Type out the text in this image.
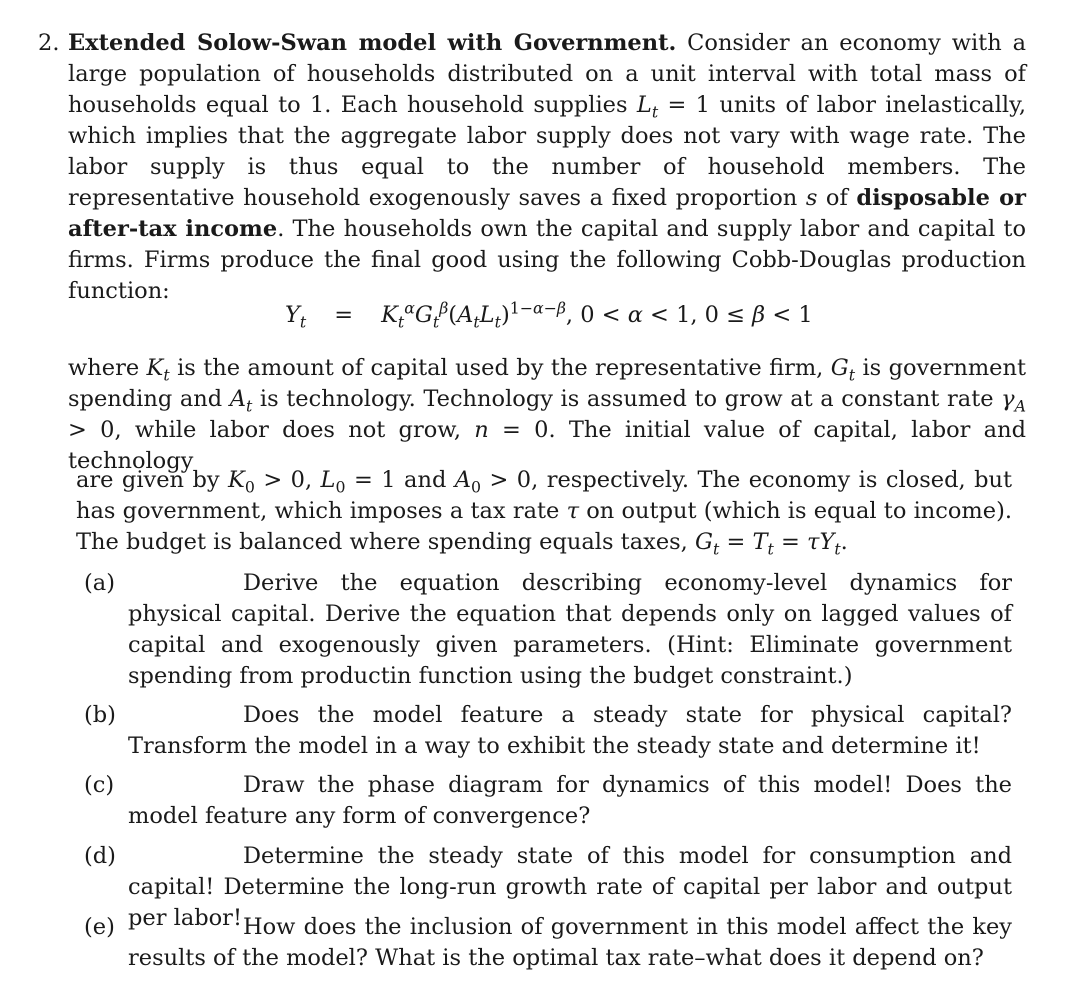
2. Extended Solow-Swan model with Government. Consider an economy with a large population of households distributed on a unit interval with total mass of households equal to 1. Each household supplies $L_t = 1$ units of labor inelastically, which implies that the aggregate labor supply does not vary with wage rate. The labor supply is thus equal to the number of household members. The representative household exogenously saves a fixed proportion s of disposable or after-tax income. The households own the capital and supply labor and capital to firms. Firms produce the final good using the following Cobb-Douglas production function:
$Y_t = K_t^\alpha G_t^\beta(A_tL_t)^{1-\alpha-\beta}$, 0 < α < 1, 0 ≤ β < 1
where $K_t$ is the amount of capital used by the representative firm, $G_t$ is government spending and $A_t$ is technology. Technology is assumed to grow at a constant rate $\gamma_A > 0$, while labor does not grow, n = 0. The initial value of capital, labor and technology
are given by $K_0 > 0$, $L_0 = 1$ and $A_0 > 0$, respectively. The economy is closed, but has government, which imposes a tax rate τ on output (which is equal to income). The budget is balanced where spending equals taxes, $G_t = T_t = \tau Y_t$.
(a)	Derive the equation describing economy-level dynamics for physical capital. Derive the equation that depends only on lagged values of capital and exogenously given parameters. (Hint: Eliminate government spending from productin function using the budget constraint.)
(b)	Does the model feature a steady state for physical capital? Transform the model in a way to exhibit the steady state and determine it!
(c)	Draw the phase diagram for dynamics of this model! Does the model feature any form of convergence?
(d)	Determine the steady state of this model for consumption and capital! Determine the long-run growth rate of capital per labor and output per labor!
(e)	How does the inclusion of government in this model affect the key results of the model? What is the optimal tax rate–what does it depend on?
